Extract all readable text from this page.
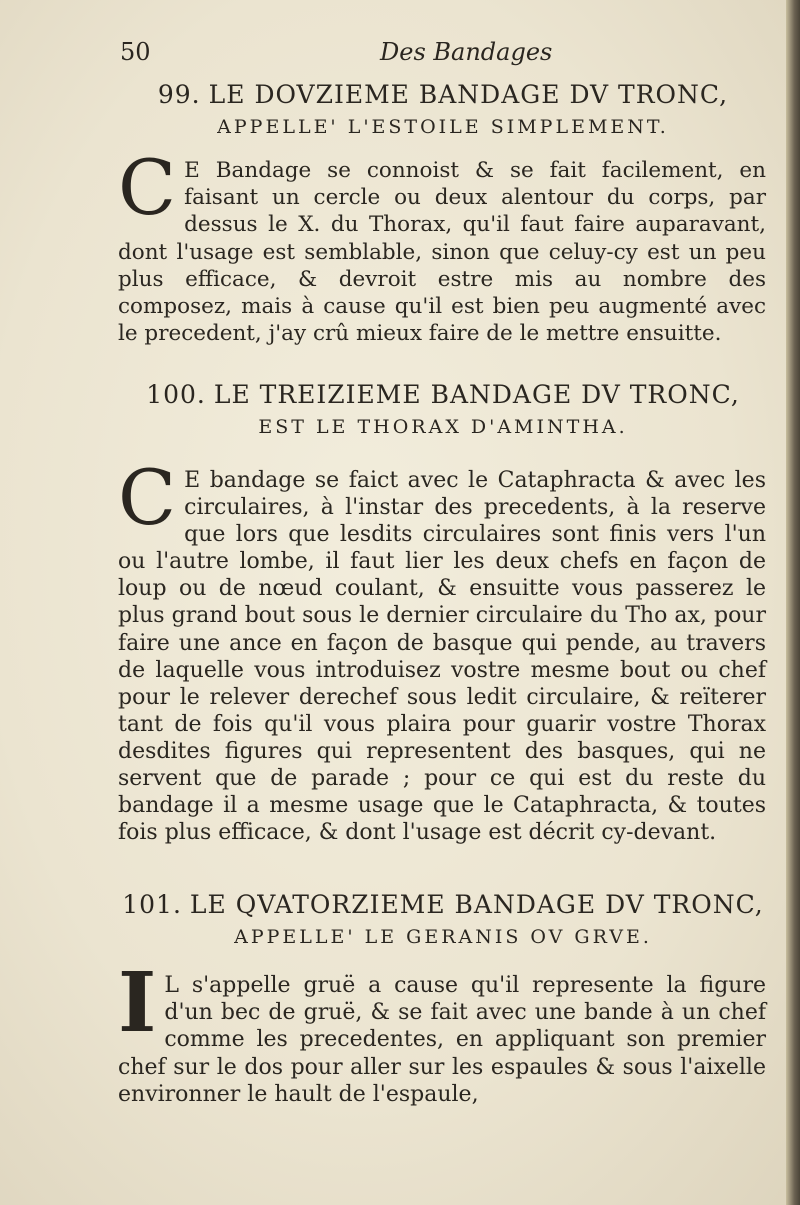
50	Des Bandages
99. LE DOVZIEME BANDAGE DV TRONC,
APPELLE' L'ESTOILE SIMPLEMENT.
C E Bandage se connoist & se fait facilement, en faisant un cercle ou deux alentour du corps, par dessus le X. du Thorax, qu'il faut faire auparavant, dont l'usage est semblable, sinon que celuy-cy est un peu plus efficace, & devroit estre mis au nombre des composez, mais à cause qu'il est bien peu augmenté avec le precedent, j'ay crû mieux faire de le mettre ensuitte.
100. LE TREIZIEME BANDAGE DV TRONC,
EST LE THORAX D'AMINTHA.
C E bandage se faict avec le Cataphracta & avec les circulaires, à l'instar des precedents, à la reserve que lors que lesdits circulaires sont finis vers l'un ou l'autre lombe, il faut lier les deux chefs en façon de loup ou de nœud coulant, & ensuitte vous passerez le plus grand bout sous le dernier circulaire du Tho ax, pour faire une ance en façon de basque qui pende, au travers de laquelle vous introduisez vostre mesme bout ou chef pour le relever derechef sous ledit circulaire, & reïterer tant de fois qu'il vous plaira pour guarir vostre Thorax desdites figures qui representent des basques, qui ne servent que de parade ; pour ce qui est du reste du bandage il a mesme usage que le Cataphracta, & toutes fois plus efficace, & dont l'usage est décrit cy-devant.
101. LE QVATORZIEME BANDAGE DV TRONC,
APPELLE' LE GERANIS OV GRVE.
I L s'appelle gruë a cause qu'il represente la figure d'un bec de gruë, & se fait avec une bande à un chef comme les precedentes, en appliquant son premier chef sur le dos pour aller sur les espaules & sous l'aixelle environner le hault de l'espaule,
